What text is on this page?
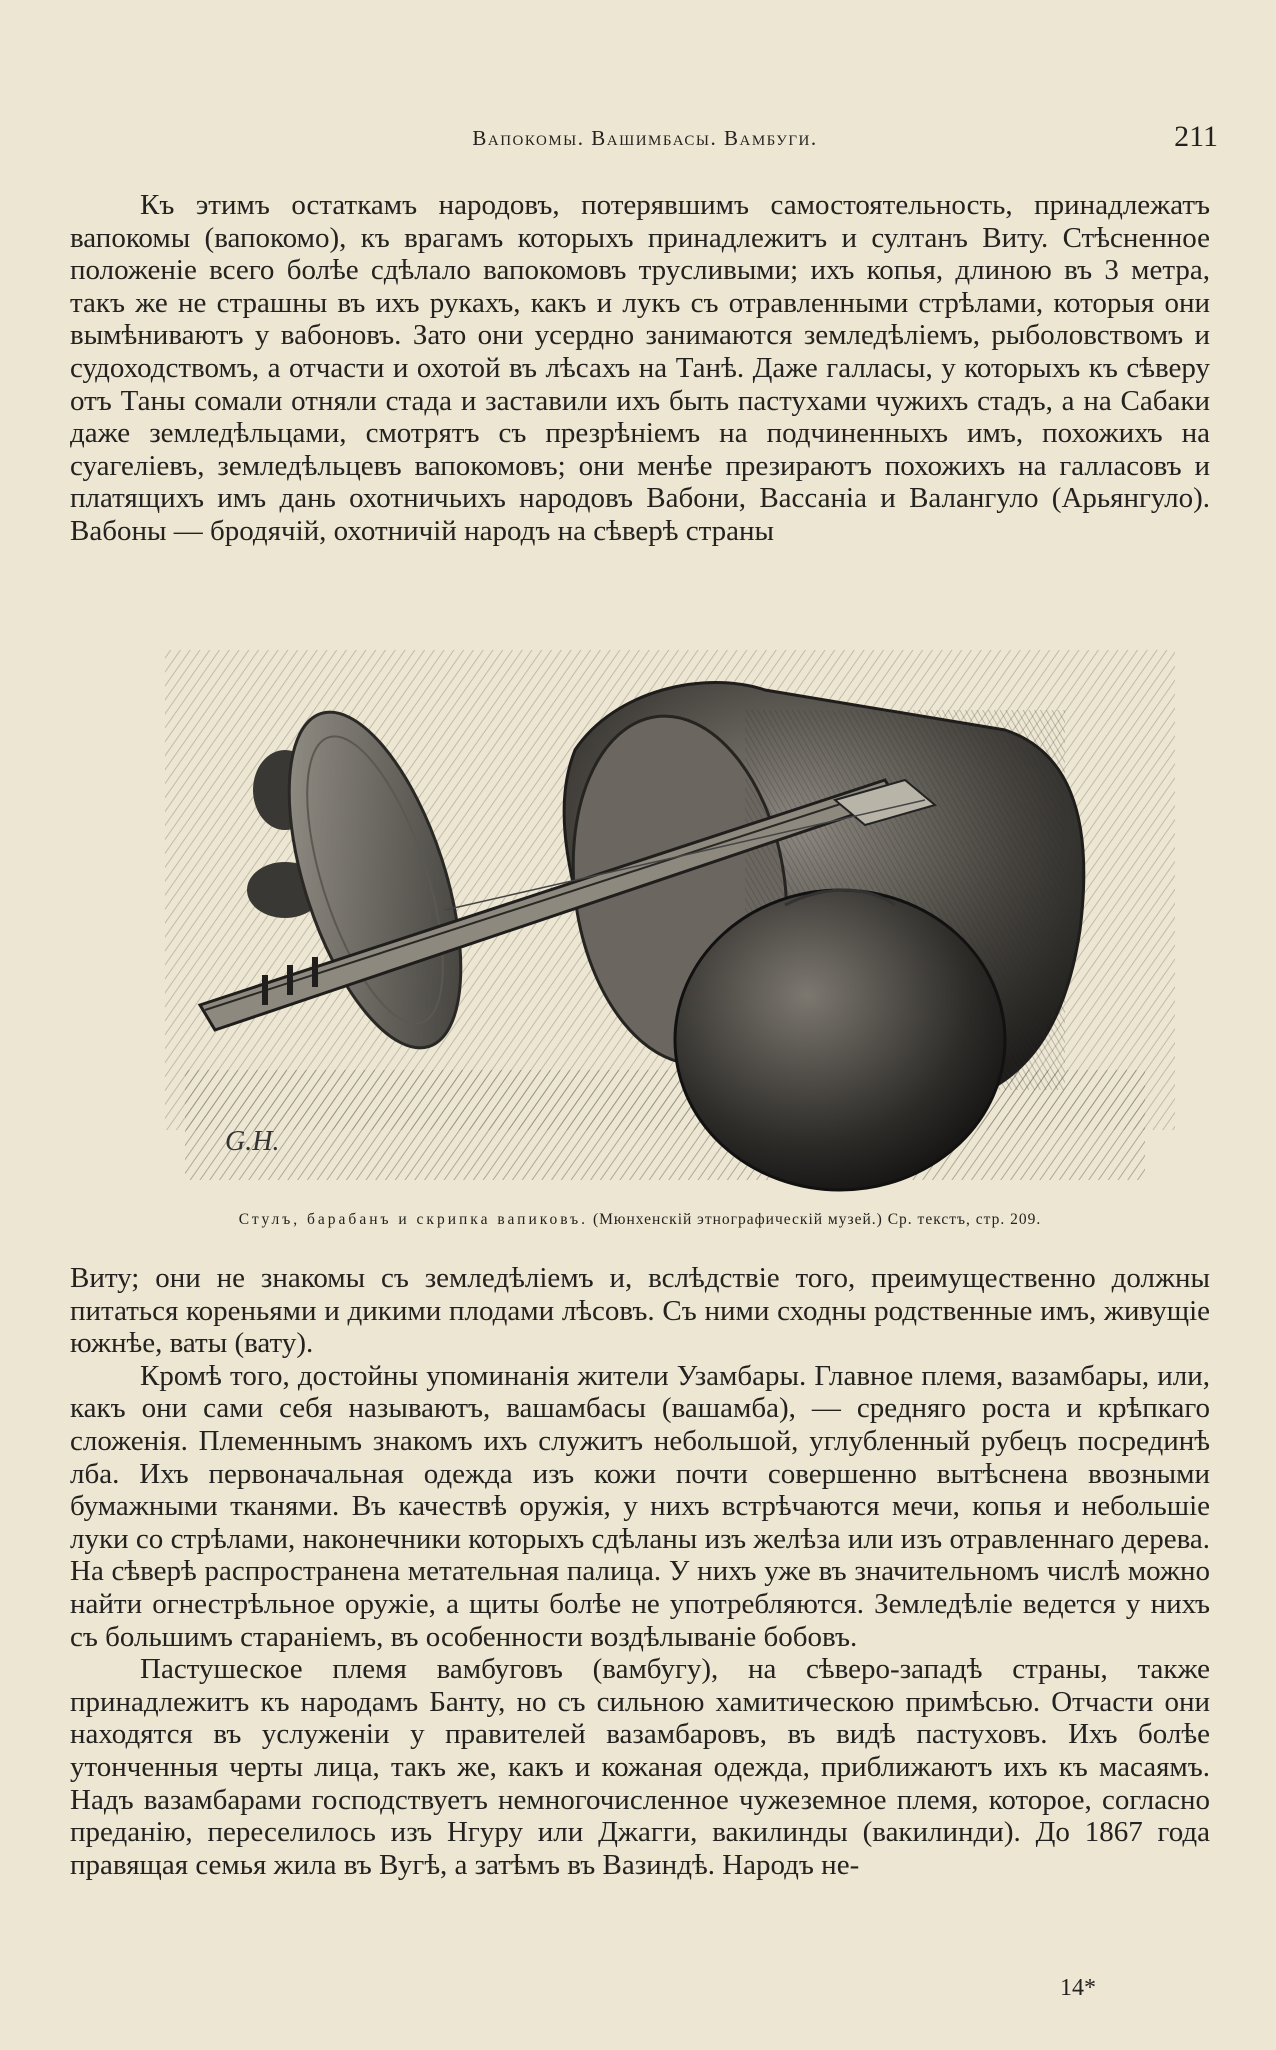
Вапокомы. Вашимбасы. Вамбуги.	211

Къ этимъ остаткамъ народовъ, потерявшимъ самостоятельность, принадлежатъ вапокомы (вапокомо), къ врагамъ которыхъ принадлежитъ и султанъ Виту. Стѣсненное положеніе всего болѣе сдѣлало вапокомовъ трусливыми; ихъ копья, длиною въ 3 метра, такъ же не страшны въ ихъ рукахъ, какъ и лукъ съ отравленными стрѣлами, которыя они вымѣниваютъ у вабоновъ. Зато они усердно занимаются земледѣліемъ, рыболовствомъ и судоходствомъ, а отчасти и охотой въ лѣсахъ на Танѣ. Даже галласы, у которыхъ къ сѣверу отъ Таны сомали отняли стада и заставили ихъ быть пастухами чужихъ стадъ, а на Сабаки даже земледѣльцами, смотрятъ съ презрѣніемъ на подчиненныхъ имъ, похожихъ на суагеліевъ, земледѣльцевъ вапокомовъ; они менѣе презираютъ похожихъ на галласовъ и платящихъ имъ дань охотничьихъ народовъ Вабони, Вассаніа и Валангуло (Арьянгуло). Вабоны — бродячій, охотничій народъ на сѣверѣ страны

G.H.
Стулъ, барабанъ и скрипка вапиковъ. (Мюнхенскій этнографическій музей.) Ср. текстъ, стр. 209.

Виту; они не знакомы съ земледѣліемъ и, вслѣдствіе того, преимущественно должны питаться кореньями и дикими плодами лѣсовъ. Съ ними сходны родственные имъ, живущіе южнѣе, ваты (вату).

Кромѣ того, достойны упоминанія жители Узамбары. Главное племя, вазамбары, или, какъ они сами себя называютъ, вашамбасы (вашамба), — средняго роста и крѣпкаго сложенія. Племеннымъ знакомъ ихъ служитъ небольшой, углубленный рубецъ посрединѣ лба. Ихъ первоначальная одежда изъ кожи почти совершенно вытѣснена ввозными бумажными тканями. Въ качествѣ оружія, у нихъ встрѣчаются мечи, копья и небольшіе луки со стрѣлами, наконечники которыхъ сдѣланы изъ желѣза или изъ отравленнаго дерева. На сѣверѣ распространена метательная палица. У нихъ уже въ значительномъ числѣ можно найти огнестрѣльное оружіе, а щиты болѣе не употребляются. Земледѣліе ведется у нихъ съ большимъ стараніемъ, въ особенности воздѣлываніе бобовъ.

Пастушеское племя вамбуговъ (вамбугу), на сѣверо-западѣ страны, также принадлежитъ къ народамъ Банту, но съ сильною хамитическою примѣсью. Отчасти они находятся въ услуженіи у правителей вазамбаровъ, въ видѣ пастуховъ. Ихъ болѣе утонченныя черты лица, такъ же, какъ и кожаная одежда, приближаютъ ихъ къ масаямъ. Надъ вазамбарами господствуетъ немногочисленное чужеземное племя, которое, согласно преданію, переселилось изъ Нгуру или Джагги, вакилинды (вакилинди). До 1867 года правящая семья жила въ Вугѣ, а затѣмъ въ Вазиндѣ. Народъ не-

14*
